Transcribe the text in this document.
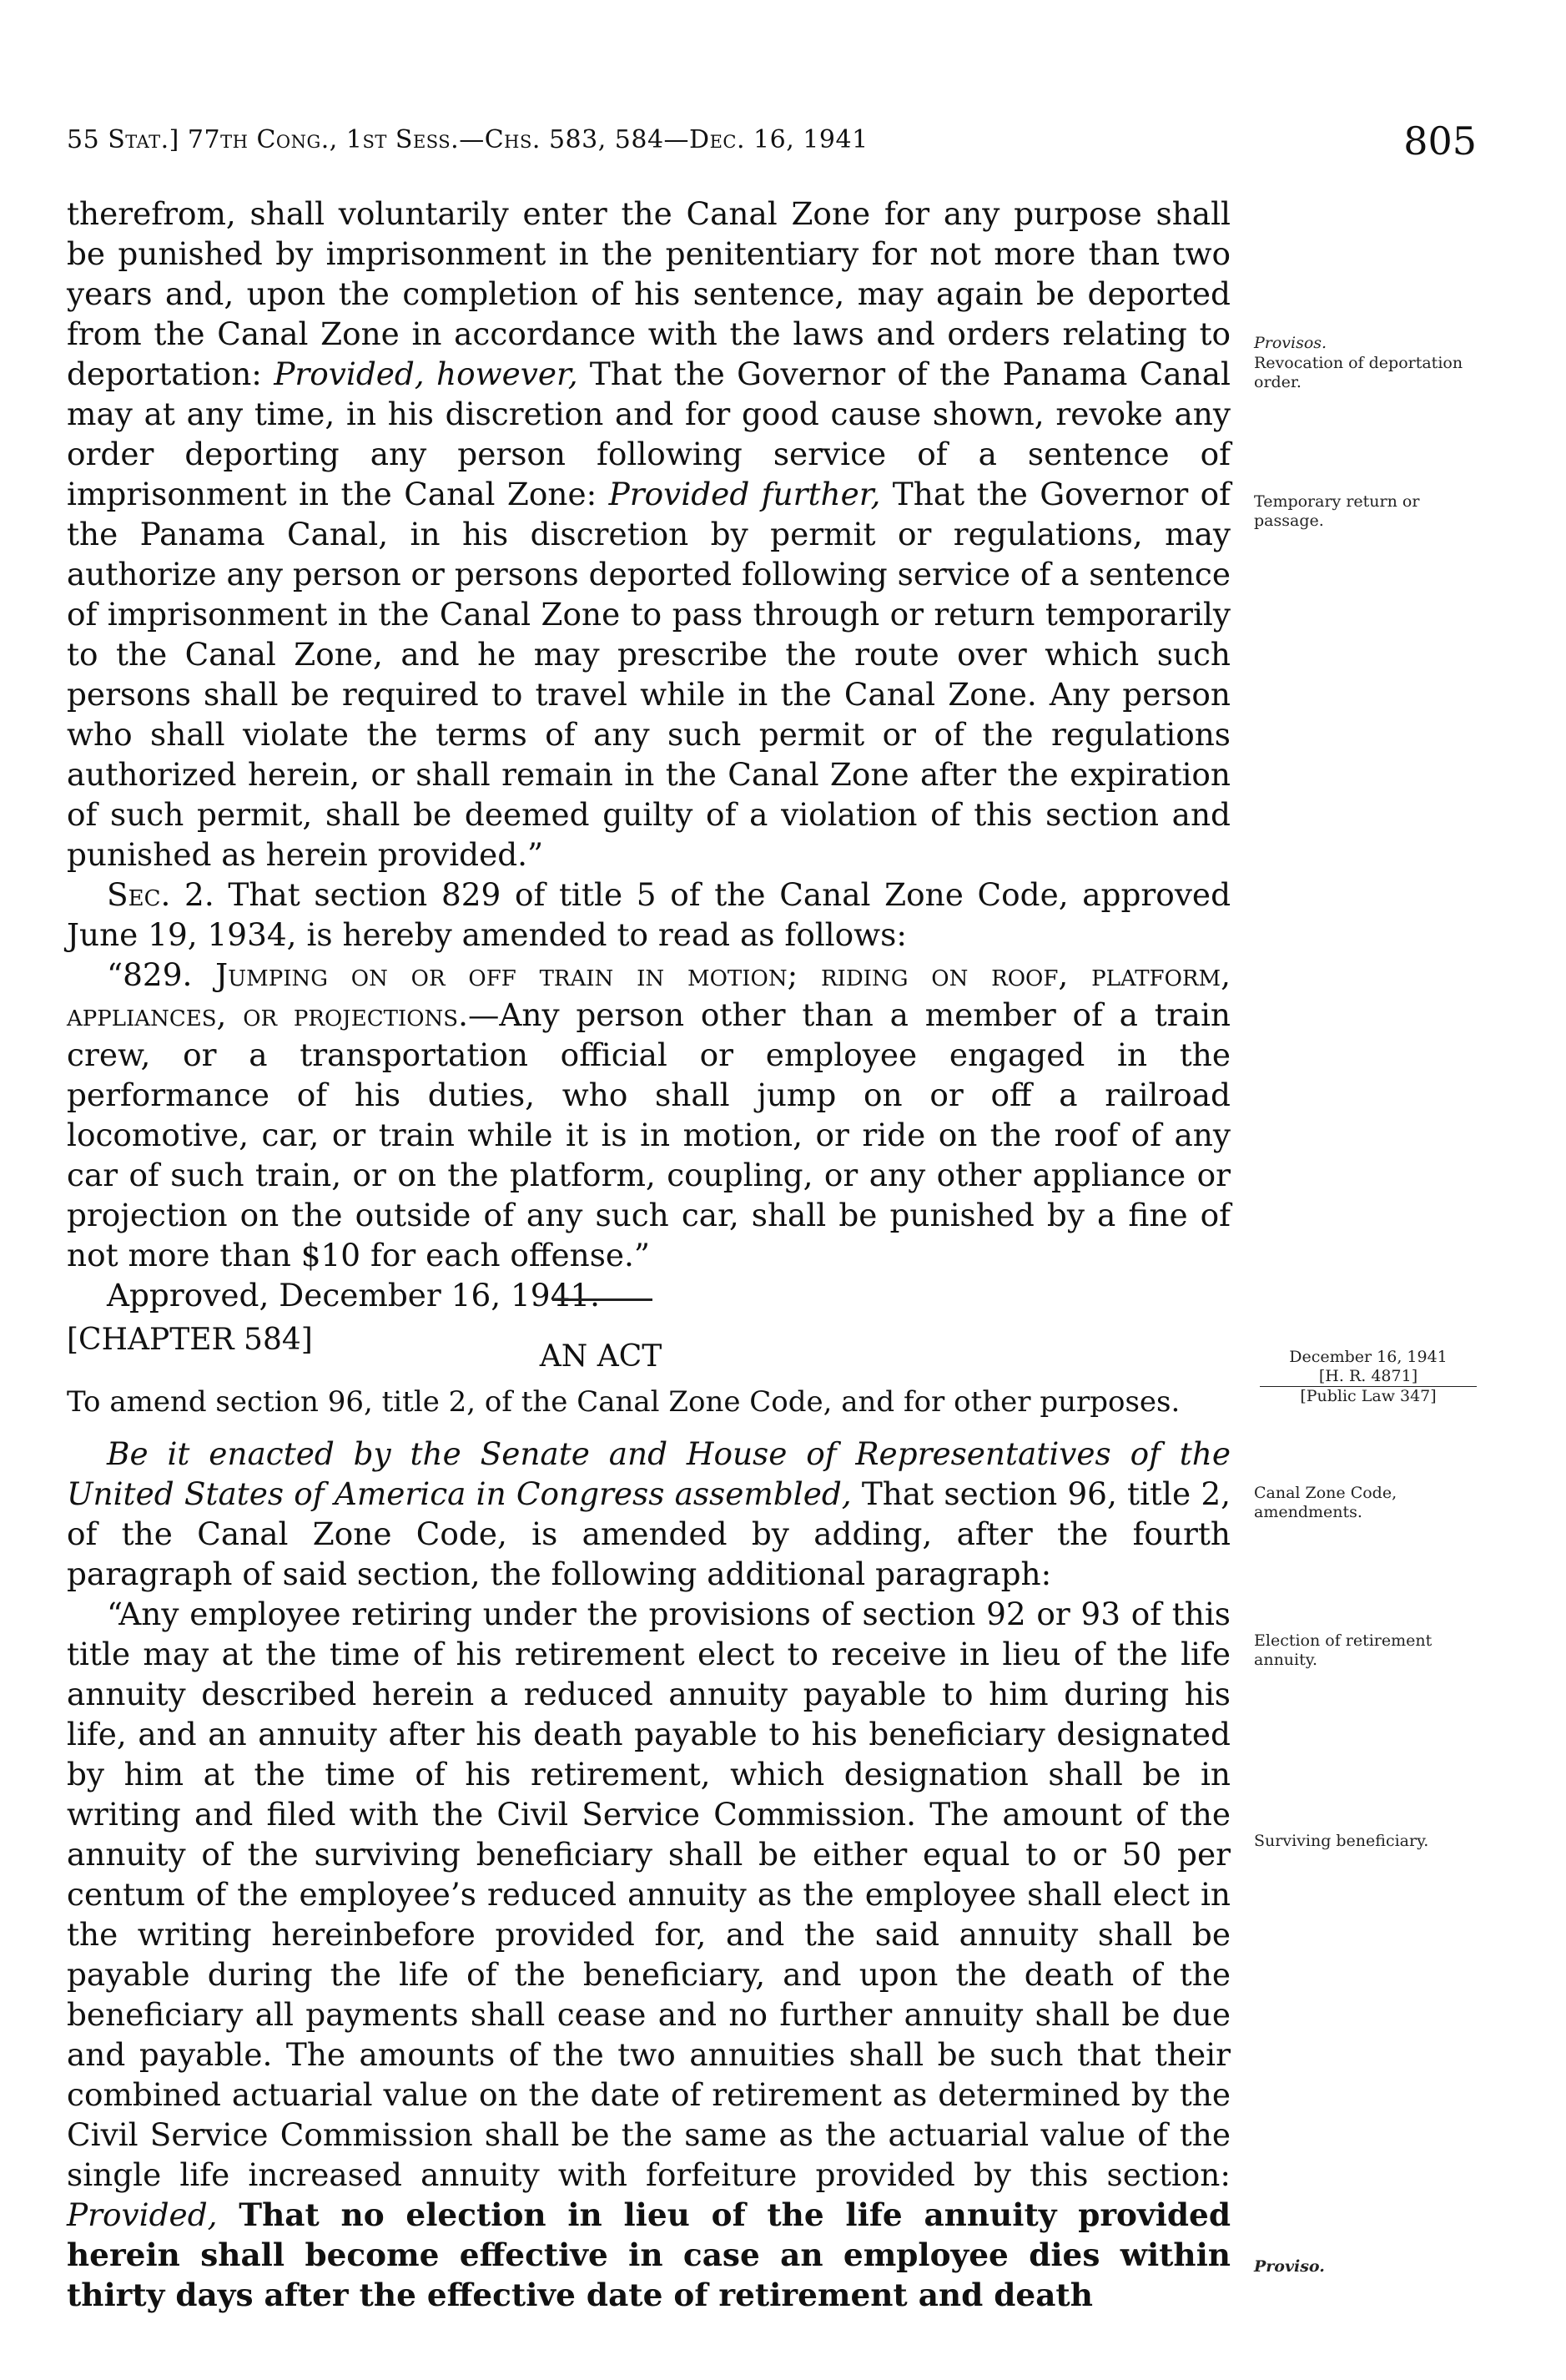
55 Stat.] 77th Cong., 1st Sess.—Chs. 583, 584—Dec. 16, 1941	805

therefrom, shall voluntarily enter the Canal Zone for any purpose shall be punished by imprisonment in the penitentiary for not more than two years and, upon the completion of his sentence, may again be deported from the Canal Zone in accordance with the laws and orders relating to deportation: Provided, however, That the Governor of the Panama Canal may at any time, in his discretion and for good cause shown, revoke any order deporting any person following service of a sentence of imprisonment in the Canal Zone: Provided further, That the Governor of the Panama Canal, in his discretion by permit or regulations, may authorize any person or persons deported following service of a sentence of imprisonment in the Canal Zone to pass through or return temporarily to the Canal Zone, and he may prescribe the route over which such persons shall be required to travel while in the Canal Zone. Any person who shall violate the terms of any such permit or of the regulations authorized herein, or shall remain in the Canal Zone after the expiration of such permit, shall be deemed guilty of a violation of this section and punished as herein provided.”

Sec. 2. That section 829 of title 5 of the Canal Zone Code, approved June 19, 1934, is hereby amended to read as follows:

“829. Jumping on or off train in motion; riding on roof, platform, appliances, or projections.—Any person other than a member of a train crew, or a transportation official or employee engaged in the performance of his duties, who shall jump on or off a railroad locomotive, car, or train while it is in motion, or ride on the roof of any car of such train, or on the platform, coupling, or any other appliance or projection on the outside of any such car, shall be punished by a fine of not more than $10 for each offense.”

Approved, December 16, 1941.

[CHAPTER 584]	AN ACT
To amend section 96, title 2, of the Canal Zone Code, and for other purposes.

Be it enacted by the Senate and House of Representatives of the United States of America in Congress assembled, That section 96, title 2, of the Canal Zone Code, is amended by adding, after the fourth paragraph of said section, the following additional paragraph:

“Any employee retiring under the provisions of section 92 or 93 of this title may at the time of his retirement elect to receive in lieu of the life annuity described herein a reduced annuity payable to him during his life, and an annuity after his death payable to his beneficiary designated by him at the time of his retirement, which designation shall be in writing and filed with the Civil Service Commission. The amount of the annuity of the surviving beneficiary shall be either equal to or 50 per centum of the employee’s reduced annuity as the employee shall elect in the writing hereinbefore provided for, and the said annuity shall be payable during the life of the beneficiary, and upon the death of the beneficiary all payments shall cease and no further annuity shall be due and payable. The amounts of the two annuities shall be such that their combined actuarial value on the date of retirement as determined by the Civil Service Commission shall be the same as the actuarial value of the single life increased annuity with forfeiture provided by this section: Provided, That no election in lieu of the life annuity provided herein shall become effective in case an employee dies within thirty days after the effective date of retirement and death

December 16, 1941
[H. R. 4871]
[Public Law 347]
Provisos.
Revocation of deportation order.
Temporary return or passage.
Canal Zone Code, amendments.
Election of retirement annuity.
Surviving beneficiary.
Proviso.
